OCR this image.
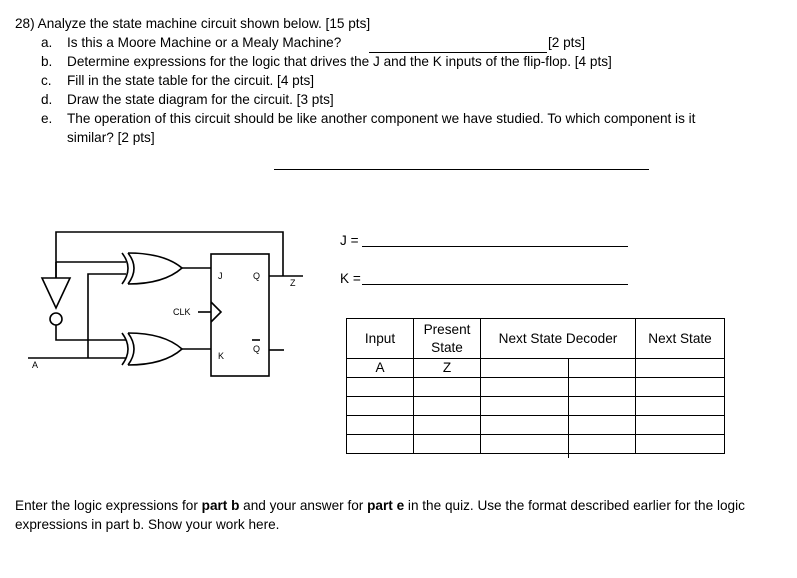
28) Analyze the state machine circuit shown below. [15 pts]
a. Is this a Moore Machine or a Mealy Machine?	[2 pts]
b. Determine expressions for the logic that drives the J and the K inputs of the flip-flop. [4 pts]
c. Fill in the state table for the circuit. [4 pts]
d. Draw the state diagram for the circuit. [3 pts]
e. The operation of this circuit should be like another component we have studied. To which component is it
similar? [2 pts]
J
K
Q
Q
CLK
Z
A
J =
K =
Input	Present State	Next State Decoder	Next State
A	Z		

Enter the logic expressions for part b and your answer for part e in the quiz. Use the format described earlier for the logic expressions in part b. Show your work here.
